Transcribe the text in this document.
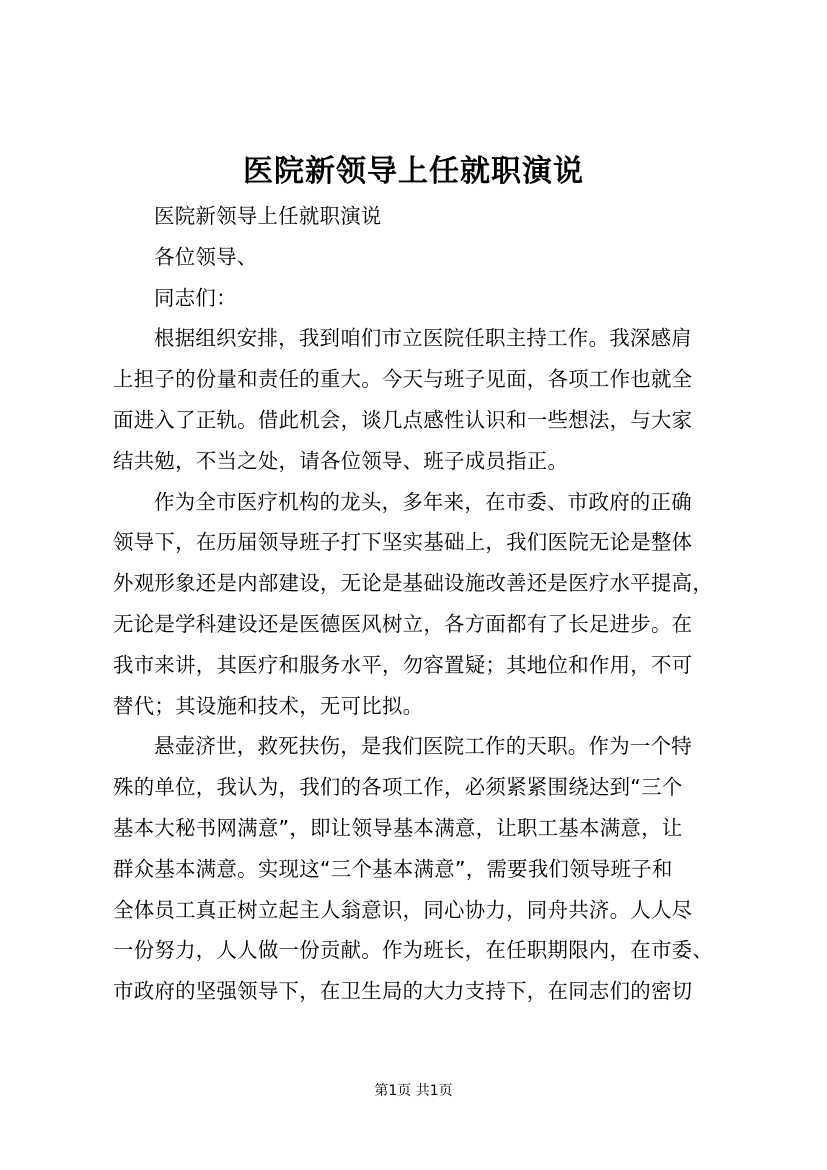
医院新领导上任就职演说
医院新领导上任就职演说
各位领导、
同志们：
根据组织安排，我到咱们市立医院任职主持工作。我深感肩
上担子的份量和责任的重大。今天与班子见面，各项工作也就全
面进入了正轨。借此机会，谈几点感性认识和一些想法，与大家
结共勉，不当之处，请各位领导、班子成员指正。
作为全市医疗机构的龙头，多年来，在市委、市政府的正确
领导下，在历届领导班子打下坚实基础上，我们医院无论是整体
外观形象还是内部建设，无论是基础设施改善还是医疗水平提高，
无论是学科建设还是医德医风树立，各方面都有了长足进步。在
我市来讲，其医疗和服务水平，勿容置疑；其地位和作用，不可
替代；其设施和技术，无可比拟。
悬壶济世，救死扶伤，是我们医院工作的天职。作为一个特
殊的单位，我认为，我们的各项工作，必须紧紧围绕达到“三个
基本大秘书网满意”，即让领导基本满意，让职工基本满意，让
群众基本满意。实现这“三个基本满意”，需要我们领导班子和
全体员工真正树立起主人翁意识，同心协力，同舟共济。人人尽
一份努力，人人做一份贡献。作为班长，在任职期限内，在市委、
市政府的坚强领导下，在卫生局的大力支持下，在同志们的密切
第1页 共1页
